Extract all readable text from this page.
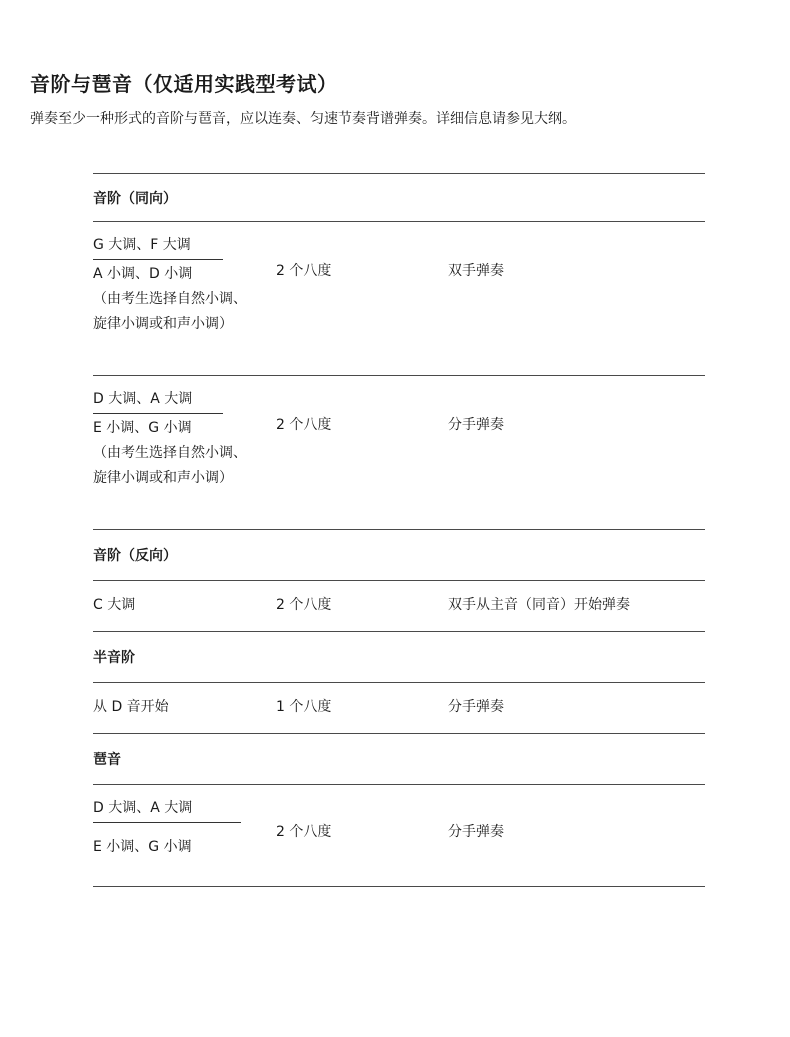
音阶与琶音（仅适用实践型考试）
弹奏至少一种形式的音阶与琶音，应以连奏、匀速节奏背谱弹奏。详细信息请参见大纲。
音阶（同向）
G 大调、F 大调
A 小调、D 小调
（由考生选择自然小调、
旋律小调或和声小调）
2 个八度	双手弹奏
D 大调、A 大调
E 小调、G 小调
（由考生选择自然小调、
旋律小调或和声小调）
2 个八度	分手弹奏
音阶（反向）
C 大调	2 个八度	双手从主音（同音）开始弹奏
半音阶
从 D 音开始	1 个八度	分手弹奏
琶音
D 大调、A 大调
E 小调、G 小调
2 个八度	分手弹奏
